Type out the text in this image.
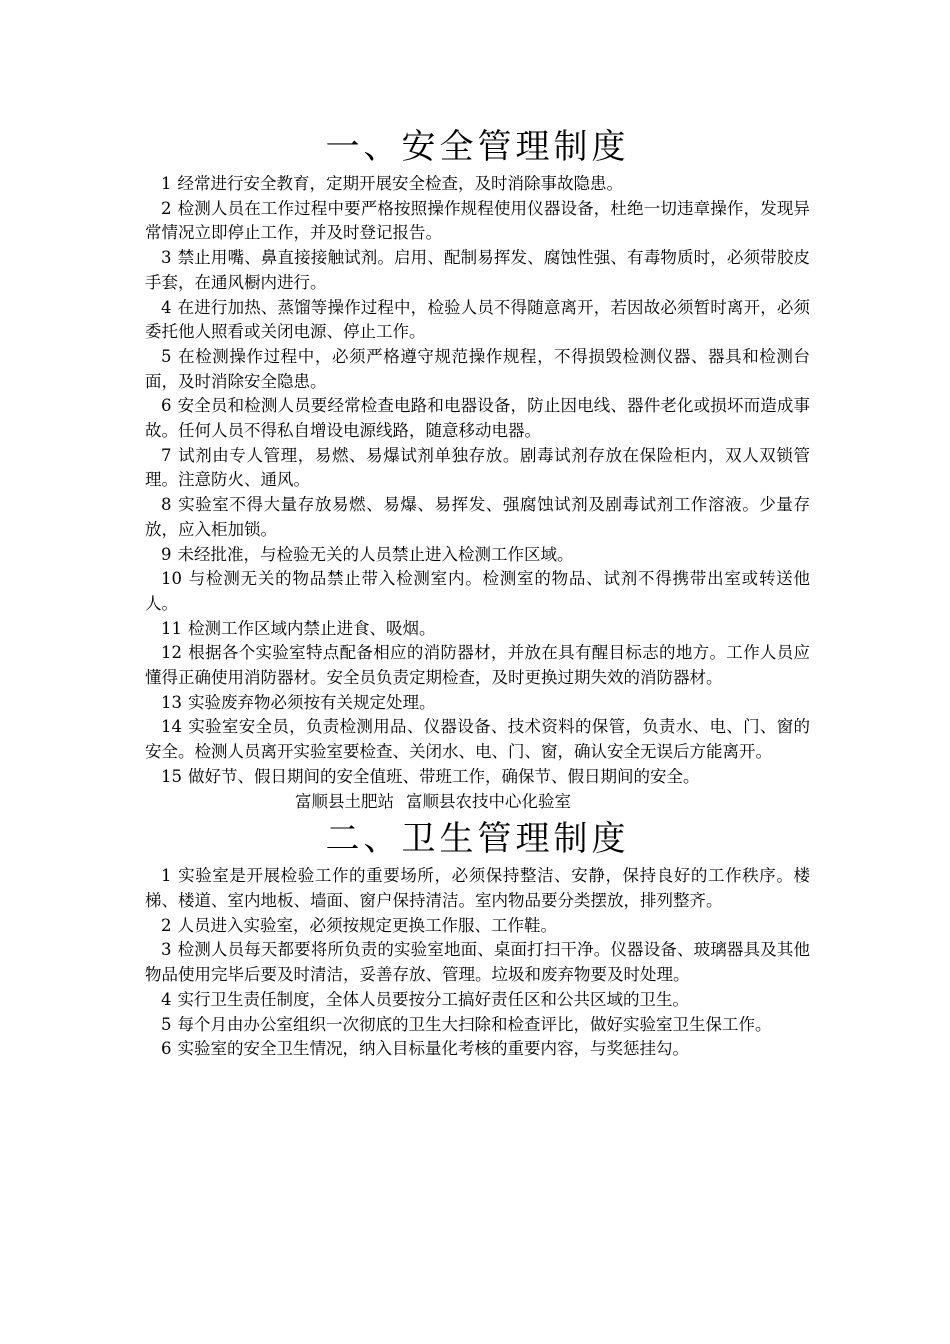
一、安全管理制度
1 经常进行安全教育，定期开展安全检查，及时消除事故隐患。
2 检测人员在工作过程中要严格按照操作规程使用仪器设备，杜绝一切违章操作，发现异常情况立即停止工作，并及时登记报告。
3 禁止用嘴、鼻直接接触试剂。启用、配制易挥发、腐蚀性强、有毒物质时，必须带胶皮手套，在通风橱内进行。
4 在进行加热、蒸馏等操作过程中，检验人员不得随意离开，若因故必须暂时离开，必须委托他人照看或关闭电源、停止工作。
5 在检测操作过程中，必须严格遵守规范操作规程，不得损毁检测仪器、器具和检测台面，及时消除安全隐患。
6 安全员和检测人员要经常检查电路和电器设备，防止因电线、器件老化或损坏而造成事故。任何人员不得私自增设电源线路，随意移动电器。
7 试剂由专人管理，易燃、易爆试剂单独存放。剧毒试剂存放在保险柜内，双人双锁管理。注意防火、通风。
8 实验室不得大量存放易燃、易爆、易挥发、强腐蚀试剂及剧毒试剂工作溶液。少量存放，应入柜加锁。
9 未经批准，与检验无关的人员禁止进入检测工作区域。
10 与检测无关的物品禁止带入检测室内。检测室的物品、试剂不得携带出室或转送他人。
11 检测工作区域内禁止进食、吸烟。
12 根据各个实验室特点配备相应的消防器材，并放在具有醒目标志的地方。工作人员应懂得正确使用消防器材。安全员负责定期检查，及时更换过期失效的消防器材。
13 实验废弃物必须按有关规定处理。
14 实验室安全员，负责检测用品、仪器设备、技术资料的保管，负责水、电、门、窗的安全。检测人员离开实验室要检查、关闭水、电、门、窗，确认安全无误后方能离开。
15 做好节、假日期间的安全值班、带班工作，确保节、假日期间的安全。
富顺县土肥站 富顺县农技中心化验室
二、卫生管理制度
1 实验室是开展检验工作的重要场所，必须保持整洁、安静，保持良好的工作秩序。楼梯、楼道、室内地板、墙面、窗户保持清洁。室内物品要分类摆放，排列整齐。
2 人员进入实验室，必须按规定更换工作服、工作鞋。
3 检测人员每天都要将所负责的实验室地面、桌面打扫干净。仪器设备、玻璃器具及其他物品使用完毕后要及时清洁，妥善存放、管理。垃圾和废弃物要及时处理。
4 实行卫生责任制度，全体人员要按分工搞好责任区和公共区域的卫生。
5 每个月由办公室组织一次彻底的卫生大扫除和检查评比，做好实验室卫生保工作。
6 实验室的安全卫生情况，纳入目标量化考核的重要内容，与奖惩挂勾。
